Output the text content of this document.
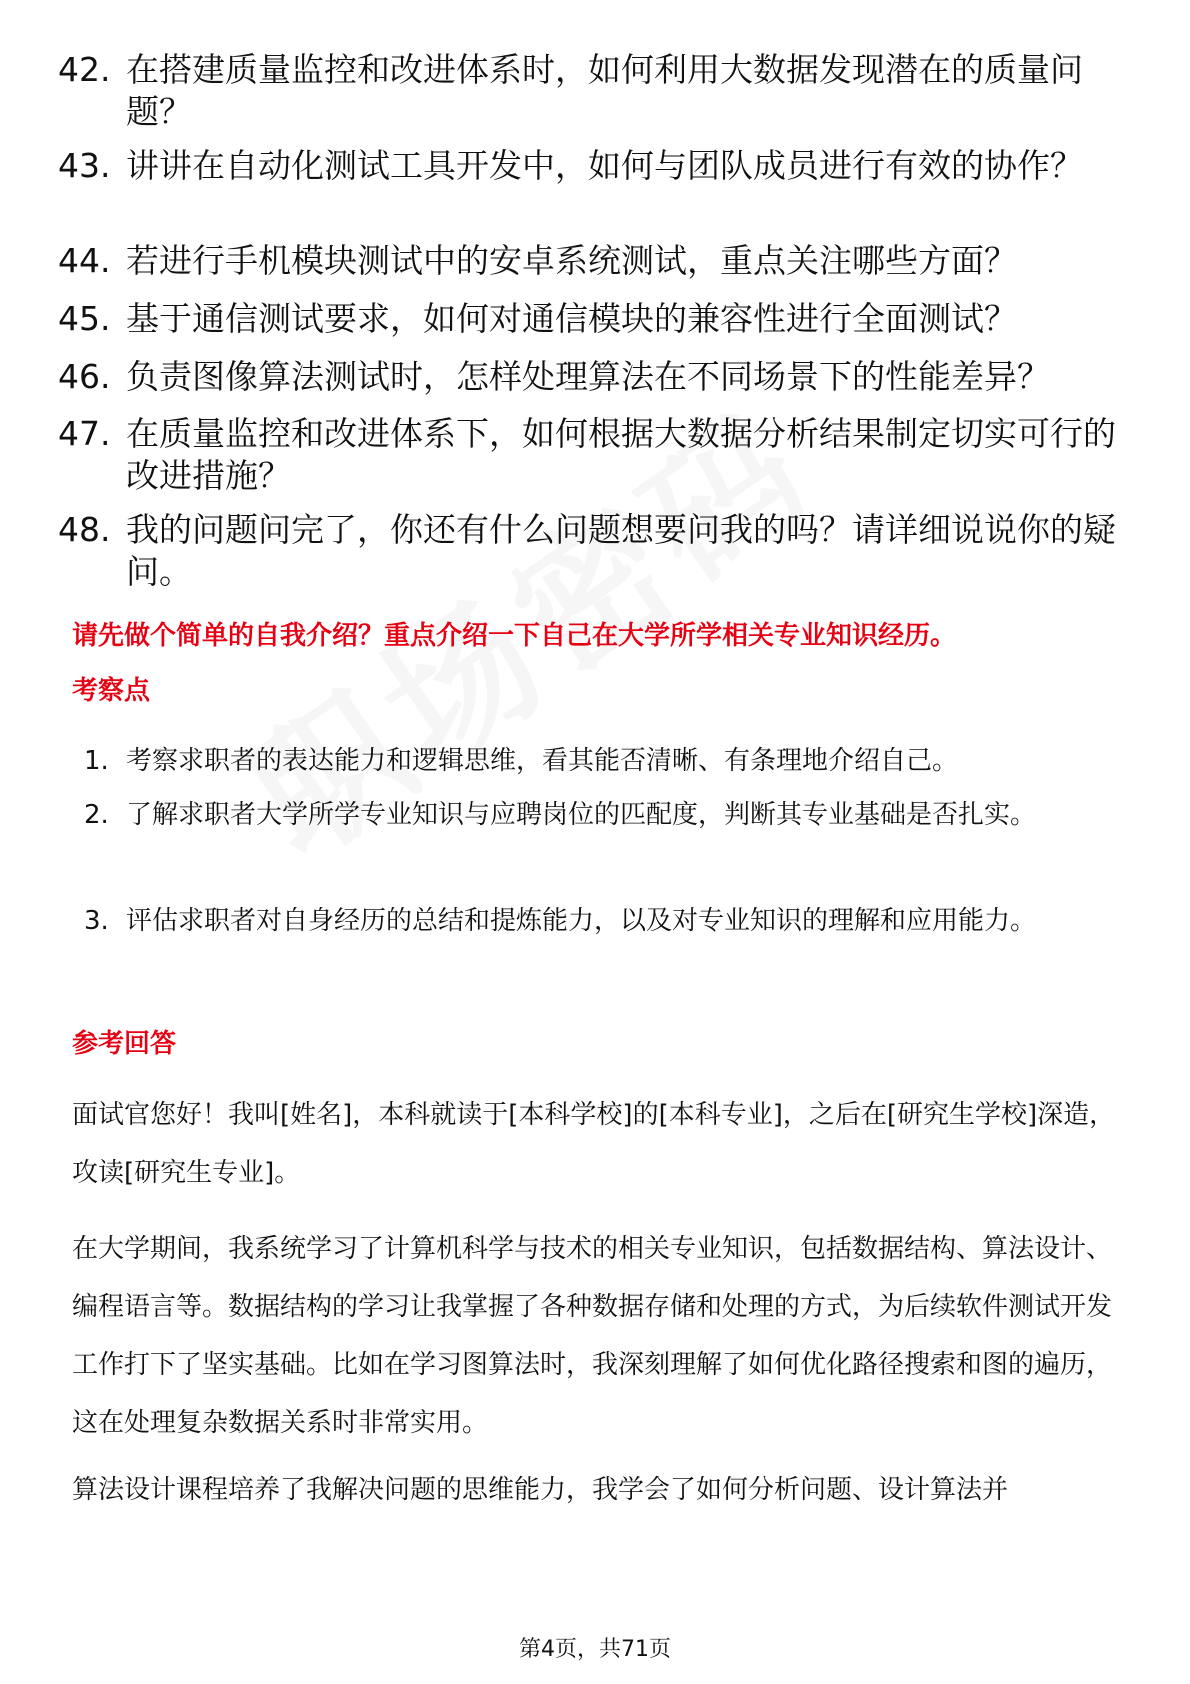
42. 在搭建质量监控和改进体系时，如何利用大数据发现潜在的质量问题？
43. 讲讲在自动化测试工具开发中，如何与团队成员进行有效的协作？
44. 若进行手机模块测试中的安卓系统测试，重点关注哪些方面？
45. 基于通信测试要求，如何对通信模块的兼容性进行全面测试？
46. 负责图像算法测试时，怎样处理算法在不同场景下的性能差异？
47. 在质量监控和改进体系下，如何根据大数据分析结果制定切实可行的改进措施？
48. 我的问题问完了，你还有什么问题想要问我的吗？请详细说说你的疑问。
请先做个简单的自我介绍？重点介绍一下自己在大学所学相关专业知识经历。
考察点
1. 考察求职者的表达能力和逻辑思维，看其能否清晰、有条理地介绍自己。
2. 了解求职者大学所学专业知识与应聘岗位的匹配度，判断其专业基础是否扎实。
3. 评估求职者对自身经历的总结和提炼能力，以及对专业知识的理解和应用能力。
参考回答
面试官您好！我叫[姓名]，本科就读于[本科学校]的[本科专业]，之后在[研究生学校]深造，攻读[研究生专业]。
在大学期间，我系统学习了计算机科学与技术的相关专业知识，包括数据结构、算法设计、编程语言等。数据结构的学习让我掌握了各种数据存储和处理的方式，为后续软件测试开发工作打下了坚实基础。比如在学习图算法时，我深刻理解了如何优化路径搜索和图的遍历，这在处理复杂数据关系时非常实用。
算法设计课程培养了我解决问题的思维能力，我学会了如何分析问题、设计算法并
第4页，共71页
